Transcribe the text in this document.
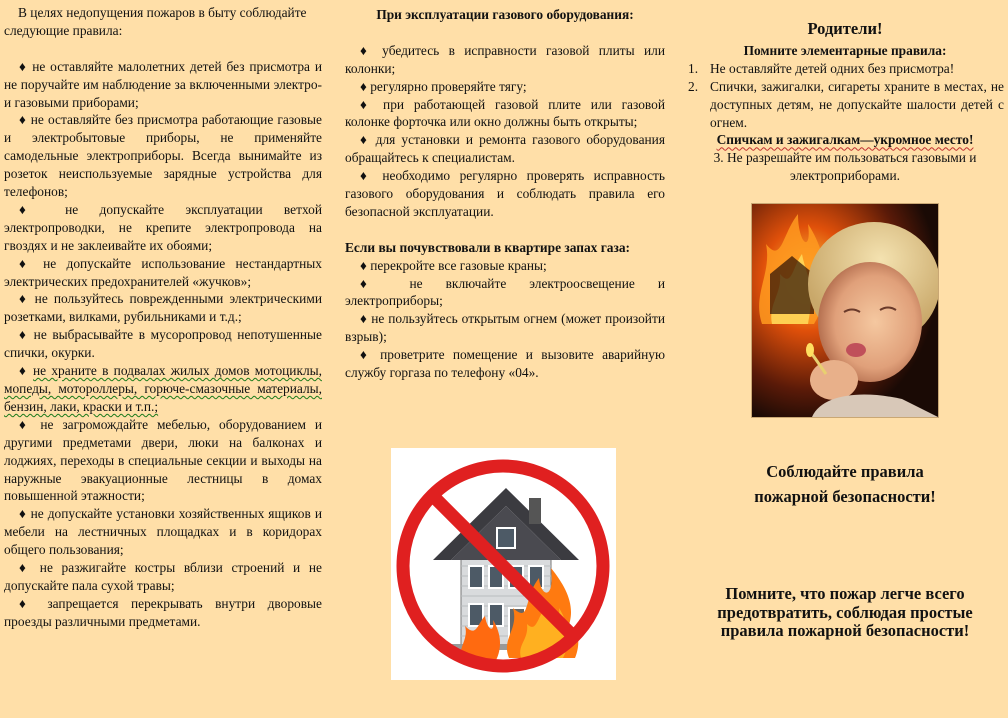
В целях недопущения пожаров в быту соблюдайте следующие правила:

♦ не оставляйте малолетних детей без присмотра и не поручайте им наблюдение за включенными электро- и газовыми приборами;

♦ не оставляйте без присмотра работающие газовые и электробытовые приборы, не применяйте самодельные электроприборы. Всегда вынимайте из розеток неиспользуемые зарядные устройства для телефонов;

♦ не допускайте эксплуатации ветхой электропроводки, не крепите электропровода на гвоздях и не заклеивайте их обоями;

♦ не допускайте использование нестандартных электрических предохранителей «жучков»;

♦ не пользуйтесь поврежденными электрическими розетками, вилками, рубильниками и т.д.;

♦ не выбрасывайте в мусоропровод непотушенные спички, окурки.

♦ не храните в подвалах жилых домов мотоциклы, мопеды, мотороллеры, горюче-смазочные материалы, бензин, лаки, краски и т.п.;

♦ не загромождайте мебелью, оборудованием и другими предметами двери, люки на балконах и лоджиях, переходы в специальные секции и выходы на наружные эвакуационные лестницы в домах повышенной этажности;

♦ не допускайте установки хозяйственных ящиков и мебели на лестничных площадках и в коридорах общего пользования;

♦ не разжигайте костры вблизи строений и не допускайте пала сухой травы;

♦ запрещается перекрывать внутри дворовые проезды различными предметами.

При эксплуатации газового оборудования:

♦ убедитесь в исправности газовой плиты или колонки;

♦ регулярно проверяйте тягу;

♦ при работающей газовой плите или газовой колонке форточка или окно должны быть открыты;

♦ для установки и ремонта газового оборудования обращайтесь к специалистам.

♦ необходимо регулярно проверять исправность газового оборудования и соблюдать правила его безопасной эксплуатации.

Если вы почувствовали в квартире запах газа:

♦ перекройте все газовые краны;

♦ не включайте электроосвещение и электроприборы;

♦ не пользуйтесь открытым огнем (может произойти взрыв);

♦ проветрите помещение и вызовите аварийную службу горгаза по телефону «04».

Родители!

Помните элементарные правила:

1. Не оставляйте детей одних без присмотра!
2. Спички, зажигалки, сигареты храните в местах, не доступных детям, не допускайте шалости детей с огнем.

Спичкам и зажигалкам—укромное место!

3. Не разрешайте им пользоваться газовыми и электроприборами.

Соблюдайте правила
пожарной безопасности!

Помните, что пожар легче всего предотвратить, соблюдая простые правила пожарной безопасности!
